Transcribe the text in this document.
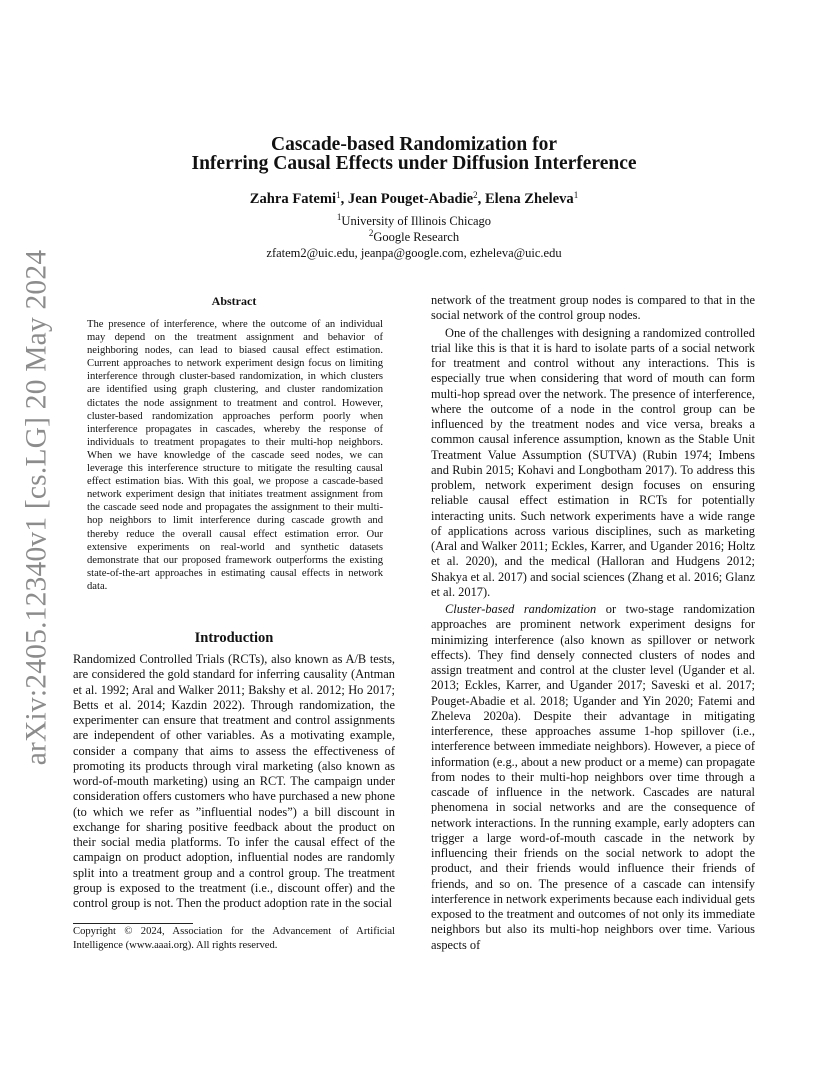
arXiv:2405.12340v1 [cs.LG] 20 May 2024
Cascade-based Randomization for
Inferring Causal Effects under Diffusion Interference
Zahra Fatemi$^1$, Jean Pouget-Abadie$^2$, Elena Zheleva$^1$
$^1$University of Illinois Chicago
$^2$Google Research
zfatem2@uic.edu, jeanpa@google.com, ezheleva@uic.edu
Abstract

The presence of interference, where the outcome of an individual may depend on the treatment assignment and behavior of neighboring nodes, can lead to biased causal effect estimation. Current approaches to network experiment design focus on limiting interference through cluster-based randomization, in which clusters are identified using graph clustering, and cluster randomization dictates the node assignment to treatment and control. However, cluster-based randomization approaches perform poorly when interference propagates in cascades, whereby the response of individuals to treatment propagates to their multi-hop neighbors. When we have knowledge of the cascade seed nodes, we can leverage this interference structure to mitigate the resulting causal effect estimation bias. With this goal, we propose a cascade-based network experiment design that initiates treatment assignment from the cascade seed node and propagates the assignment to their multi-hop neighbors to limit interference during cascade growth and thereby reduce the overall causal effect estimation error. Our extensive experiments on real-world and synthetic datasets demonstrate that our proposed framework outperforms the existing state-of-the-art approaches in estimating causal effects in network data.

Introduction

Randomized Controlled Trials (RCTs), also known as A/B tests, are considered the gold standard for inferring causality (Antman et al. 1992; Aral and Walker 2011; Bakshy et al. 2012; Ho 2017; Betts et al. 2014; Kazdin 2022). Through randomization, the experimenter can ensure that treatment and control assignments are independent of other variables. As a motivating example, consider a company that aims to assess the effectiveness of promoting its products through viral marketing (also known as word-of-mouth marketing) using an RCT. The campaign under consideration offers customers who have purchased a new phone (to which we refer as ”influential nodes”) a bill discount in exchange for sharing positive feedback about the product on their social media platforms. To infer the causal effect of the campaign on product adoption, influential nodes are randomly split into a treatment group and a control group. The treatment group is exposed to the treatment (i.e., discount offer) and the control group is not. Then the product adoption rate in the social

Copyright © 2024, Association for the Advancement of Artificial Intelligence (www.aaai.org). All rights reserved.

network of the treatment group nodes is compared to that in the social network of the control group nodes.

One of the challenges with designing a randomized controlled trial like this is that it is hard to isolate parts of a social network for treatment and control without any interactions. This is especially true when considering that word of mouth can form multi-hop spread over the network. The presence of interference, where the outcome of a node in the control group can be influenced by the treatment nodes and vice versa, breaks a common causal inference assumption, known as the Stable Unit Treatment Value Assumption (SUTVA) (Rubin 1974; Imbens and Rubin 2015; Kohavi and Longbotham 2017). To address this problem, network experiment design focuses on ensuring reliable causal effect estimation in RCTs for potentially interacting units. Such network experiments have a wide range of applications across various disciplines, such as marketing (Aral and Walker 2011; Eckles, Karrer, and Ugander 2016; Holtz et al. 2020), and the medical (Halloran and Hudgens 2012; Shakya et al. 2017) and social sciences (Zhang et al. 2016; Glanz et al. 2017).

Cluster-based randomization or two-stage randomization approaches are prominent network experiment designs for minimizing interference (also known as spillover or network effects). They find densely connected clusters of nodes and assign treatment and control at the cluster level (Ugander et al. 2013; Eckles, Karrer, and Ugander 2017; Saveski et al. 2017; Pouget-Abadie et al. 2018; Ugander and Yin 2020; Fatemi and Zheleva 2020a). Despite their advantage in mitigating interference, these approaches assume 1-hop spillover (i.e., interference between immediate neighbors). However, a piece of information (e.g., about a new product or a meme) can propagate from nodes to their multi-hop neighbors over time through a cascade of influence in the network. Cascades are natural phenomena in social networks and are the consequence of network interactions. In the running example, early adopters can trigger a large word-of-mouth cascade in the network by influencing their friends on the social network to adopt the product, and their friends would influence their friends of friends, and so on. The presence of a cascade can intensify interference in network experiments because each individual gets exposed to the treatment and outcomes of not only its immediate neighbors but also its multi-hop neighbors over time. Various aspects of
